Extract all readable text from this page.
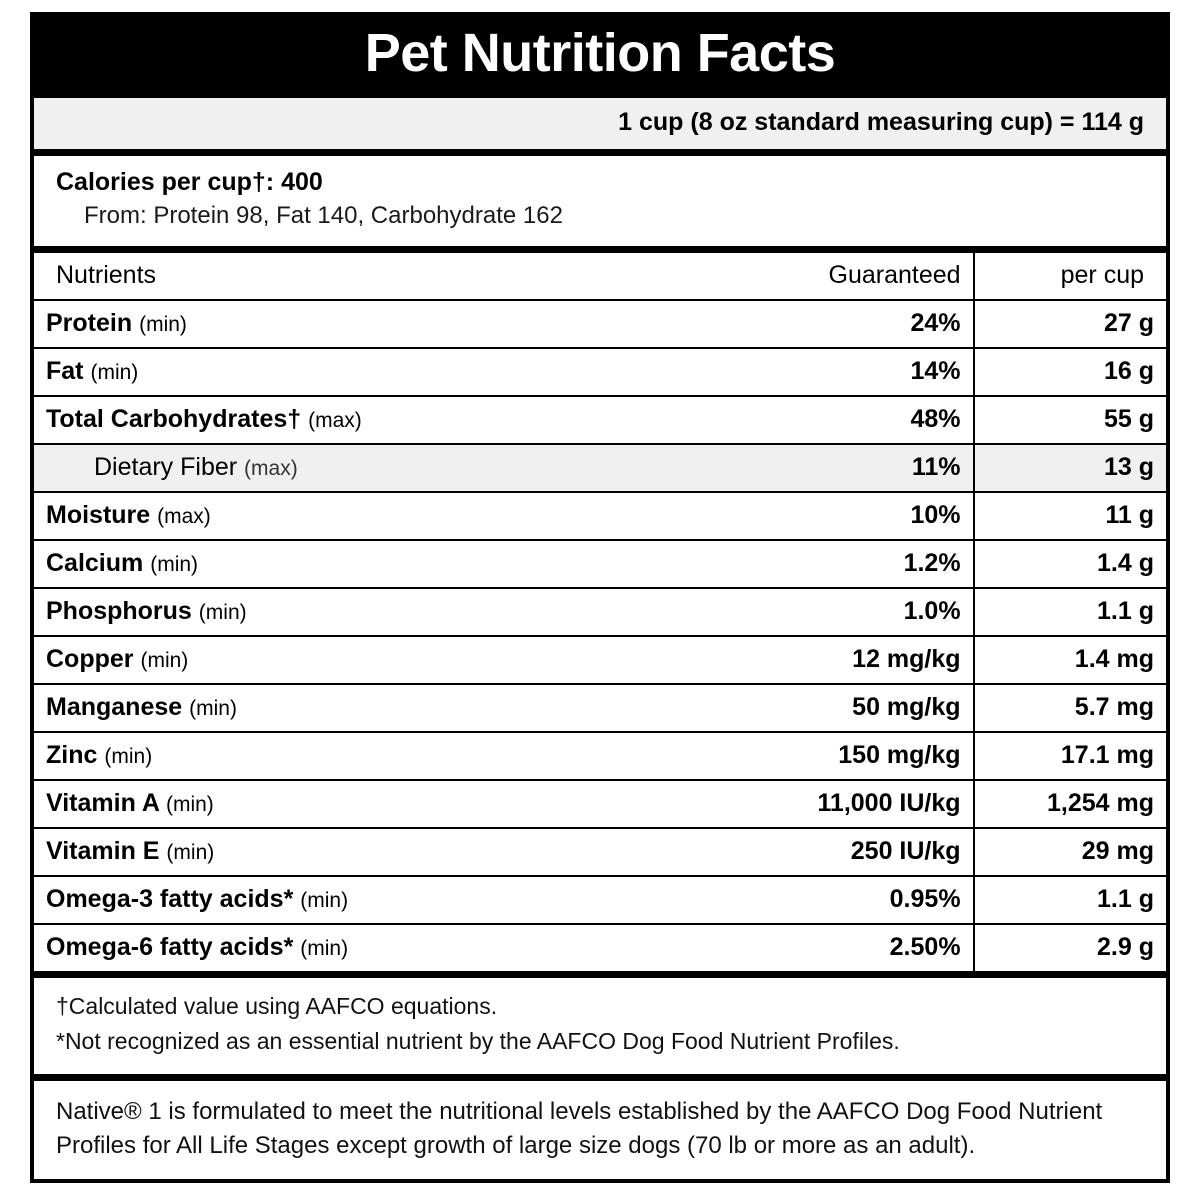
Pet Nutrition Facts
1 cup (8 oz standard measuring cup) = 114 g
Calories per cup†: 400
From: Protein 98, Fat 140, Carbohydrate 162
Nutrients	Guaranteed	per cup
Protein (min)	24%	27 g
Fat (min)	14%	16 g
Total Carbohydrates† (max)	48%	55 g
Dietary Fiber (max)	11%	13 g
Moisture (max)	10%	11 g
Calcium (min)	1.2%	1.4 g
Phosphorus (min)	1.0%	1.1 g
Copper (min)	12 mg/kg	1.4 mg
Manganese (min)	50 mg/kg	5.7 mg
Zinc (min)	150 mg/kg	17.1 mg
Vitamin A (min)	11,000 IU/kg	1,254 mg
Vitamin E (min)	250 IU/kg	29 mg
Omega-3 fatty acids* (min)	0.95%	1.1 g
Omega-6 fatty acids* (min)	2.50%	2.9 g

†Calculated value using AAFCO equations.

*Not recognized as an essential nutrient by the AAFCO Dog Food Nutrient Profiles.

Native® 1 is formulated to meet the nutritional levels established by the AAFCO Dog Food Nutrient Profiles for All Life Stages except growth of large size dogs (70 lb or more as an adult).
